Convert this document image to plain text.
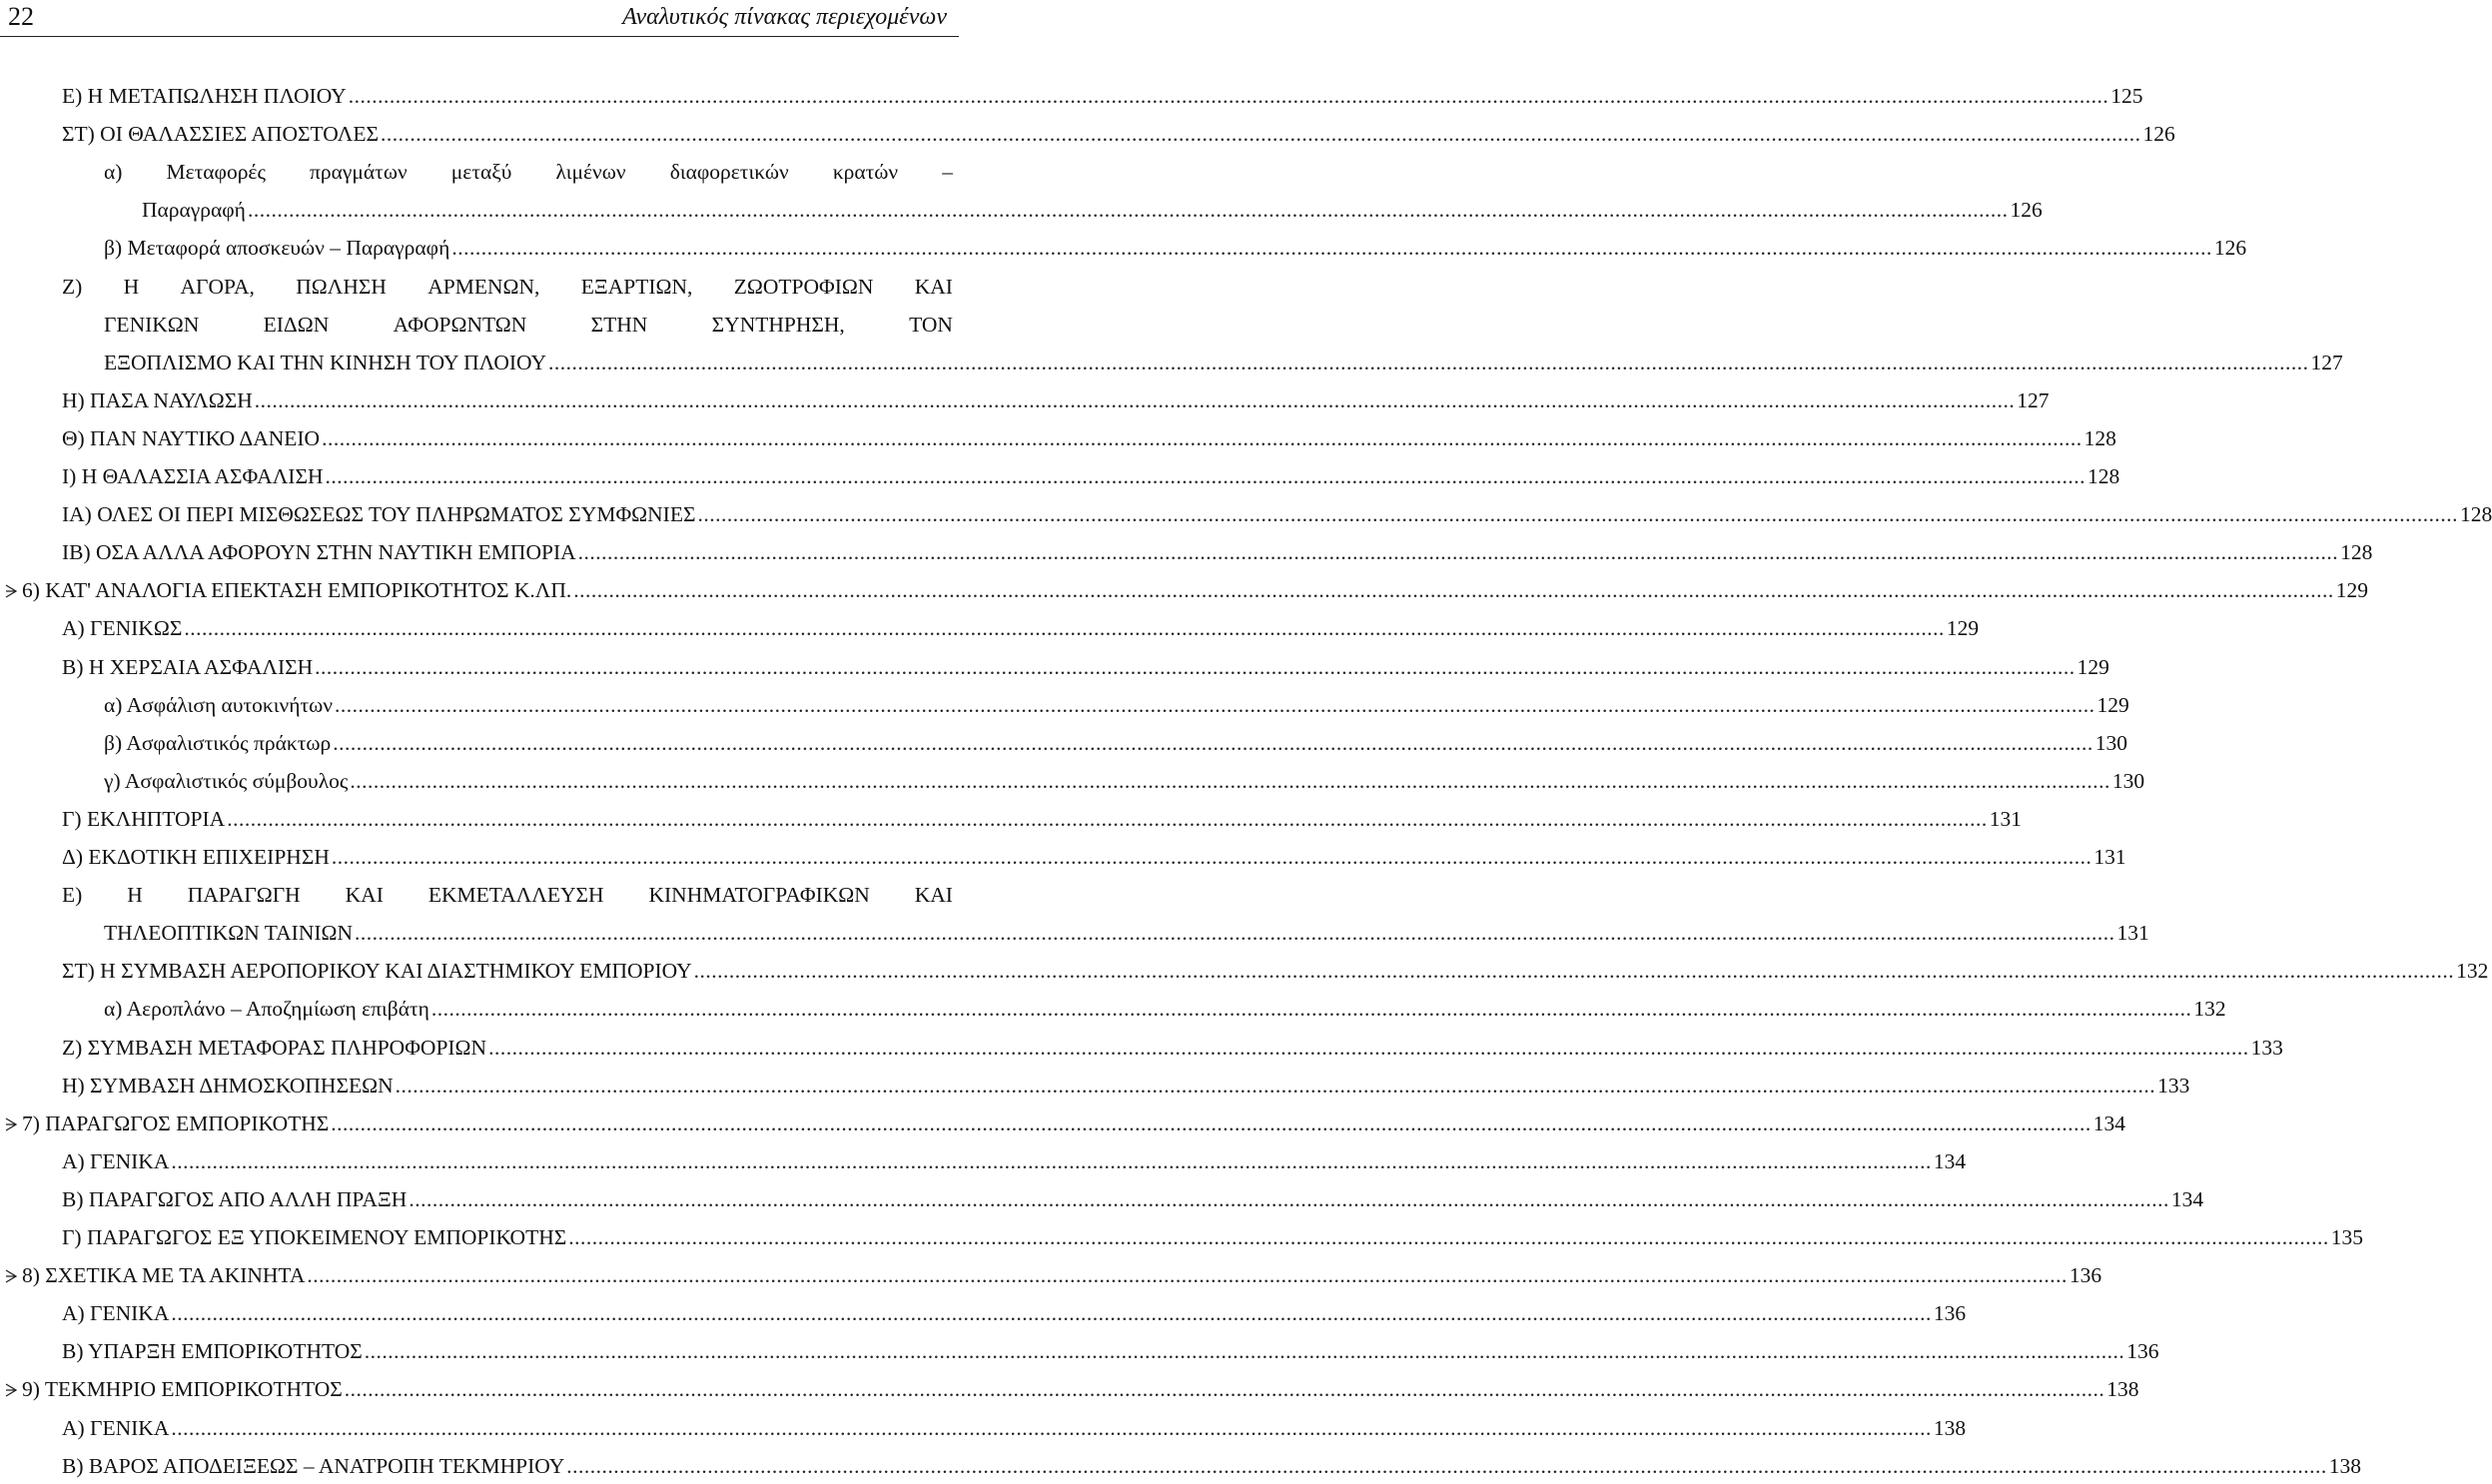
22	Αναλυτικός πίνακας περιεχομένων
Ε) Η ΜΕΤΑΠΩΛΗΣΗ ΠΛΟΙΟΥ ............................................................................................................................................................................................................................................................................................................ 125
ΣΤ) ΟΙ ΘΑΛΑΣΣΙΕΣ ΑΠΟΣΤΟΛΕΣ ............................................................................................................................................................................................................................................................................................................ 126
α) Μεταφορές πραγμάτων μεταξύ λιμένων διαφορετικών κρατών –
Παραγραφή ............................................................................................................................................................................................................................................................................................................ 126
β) Μεταφορά αποσκευών – Παραγραφή ............................................................................................................................................................................................................................................................................................................ 126
Ζ) Η ΑΓΟΡΑ, ΠΩΛΗΣΗ ΑΡΜΕΝΩΝ, ΕΞΑΡΤΙΩΝ, ΖΩΟΤΡΟΦΙΩΝ ΚΑΙ
ΓΕΝΙΚΩΝ	ΕΙΔΩΝ	ΑΦΟΡΩΝΤΩΝ	ΣΤΗΝ	ΣΥΝΤΗΡΗΣΗ,	ΤΟΝ
ΕΞΟΠΛΙΣΜΟ ΚΑΙ ΤΗΝ ΚΙΝΗΣΗ ΤΟΥ ΠΛΟΙΟΥ ............................................................................................................................................................................................................................................................................................................ 127
Η) ΠΑΣΑ ΝΑΥΛΩΣΗ ............................................................................................................................................................................................................................................................................................................ 127
Θ) ΠΑΝ ΝΑΥΤΙΚΟ ΔΑΝΕΙΟ ............................................................................................................................................................................................................................................................................................................ 128
Ι) Η ΘΑΛΑΣΣΙΑ ΑΣΦΑΛΙΣΗ ............................................................................................................................................................................................................................................................................................................ 128
ΙΑ) ΟΛΕΣ ΟΙ ΠΕΡΙ ΜΙΣΘΩΣΕΩΣ ΤΟΥ ΠΛΗΡΩΜΑΤΟΣ ΣΥΜΦΩΝΙΕΣ ............................................................................................................................................................................................................................................................................................................ 128
ΙΒ) ΟΣΑ ΑΛΛΑ ΑΦΟΡΟΥΝ ΣΤΗΝ ΝΑΥΤΙΚΗ ΕΜΠΟΡΙΑ ............................................................................................................................................................................................................................................................................................................ 128
6) ΚΑΤ' ΑΝΑΛΟΓΙΑ ΕΠΕΚΤΑΣΗ ΕΜΠΟΡΙΚΟΤΗΤΟΣ Κ.ΛΠ. ............................................................................................................................................................................................................................................................................................................ 129
Α) ΓΕΝΙΚΩΣ ............................................................................................................................................................................................................................................................................................................ 129
Β) Η ΧΕΡΣΑΙΑ ΑΣΦΑΛΙΣΗ ............................................................................................................................................................................................................................................................................................................ 129
α) Ασφάλιση αυτοκινήτων ............................................................................................................................................................................................................................................................................................................ 129
β) Ασφαλιστικός πράκτωρ ............................................................................................................................................................................................................................................................................................................ 130
γ) Ασφαλιστικός σύμβουλος ............................................................................................................................................................................................................................................................................................................ 130
Γ) ΕΚΛΗΠΤΟΡΙΑ ............................................................................................................................................................................................................................................................................................................ 131
Δ) ΕΚΔΟΤΙΚΗ ΕΠΙΧΕΙΡΗΣΗ ............................................................................................................................................................................................................................................................................................................ 131
Ε) Η ΠΑΡΑΓΩΓΗ ΚΑΙ ΕΚΜΕΤΑΛΛΕΥΣΗ ΚΙΝΗΜΑΤΟΓΡΑΦΙΚΩΝ ΚΑΙ
ΤΗΛΕΟΠΤΙΚΩΝ ΤΑΙΝΙΩΝ ............................................................................................................................................................................................................................................................................................................ 131
ΣΤ) Η ΣΥΜΒΑΣΗ ΑΕΡΟΠΟΡΙΚΟΥ ΚΑΙ ΔΙΑΣΤΗΜΙΚΟΥ ΕΜΠΟΡΙΟΥ ............................................................................................................................................................................................................................................................................................................ 132
α) Αεροπλάνο – Αποζημίωση επιβάτη ............................................................................................................................................................................................................................................................................................................ 132
Ζ) ΣΥΜΒΑΣΗ ΜΕΤΑΦΟΡΑΣ ΠΛΗΡΟΦΟΡΙΩΝ ............................................................................................................................................................................................................................................................................................................ 133
Η) ΣΥΜΒΑΣΗ ΔΗΜΟΣΚΟΠΗΣΕΩΝ ............................................................................................................................................................................................................................................................................................................ 133
7) ΠΑΡΑΓΩΓΟΣ ΕΜΠΟΡΙΚΟΤΗΣ ............................................................................................................................................................................................................................................................................................................ 134
Α) ΓΕΝΙΚΑ ............................................................................................................................................................................................................................................................................................................ 134
Β) ΠΑΡΑΓΩΓΟΣ ΑΠΟ ΑΛΛΗ ΠΡΑΞΗ ............................................................................................................................................................................................................................................................................................................ 134
Γ) ΠΑΡΑΓΩΓΟΣ ΕΞ ΥΠΟΚΕΙΜΕΝΟΥ ΕΜΠΟΡΙΚΟΤΗΣ ............................................................................................................................................................................................................................................................................................................ 135
8) ΣΧΕΤΙΚΑ ΜΕ ΤΑ ΑΚΙΝΗΤΑ ............................................................................................................................................................................................................................................................................................................ 136
Α) ΓΕΝΙΚΑ ............................................................................................................................................................................................................................................................................................................ 136
Β) ΥΠΑΡΞΗ ΕΜΠΟΡΙΚΟΤΗΤΟΣ ............................................................................................................................................................................................................................................................................................................ 136
9) ΤΕΚΜΗΡΙΟ ΕΜΠΟΡΙΚΟΤΗΤΟΣ ............................................................................................................................................................................................................................................................................................................ 138
Α) ΓΕΝΙΚΑ ............................................................................................................................................................................................................................................................................................................ 138
Β) ΒΑΡΟΣ ΑΠΟΔΕΙΞΕΩΣ – ΑΝΑΤΡΟΠΗ ΤΕΚΜΗΡΙΟΥ ............................................................................................................................................................................................................................................................................................................ 138
